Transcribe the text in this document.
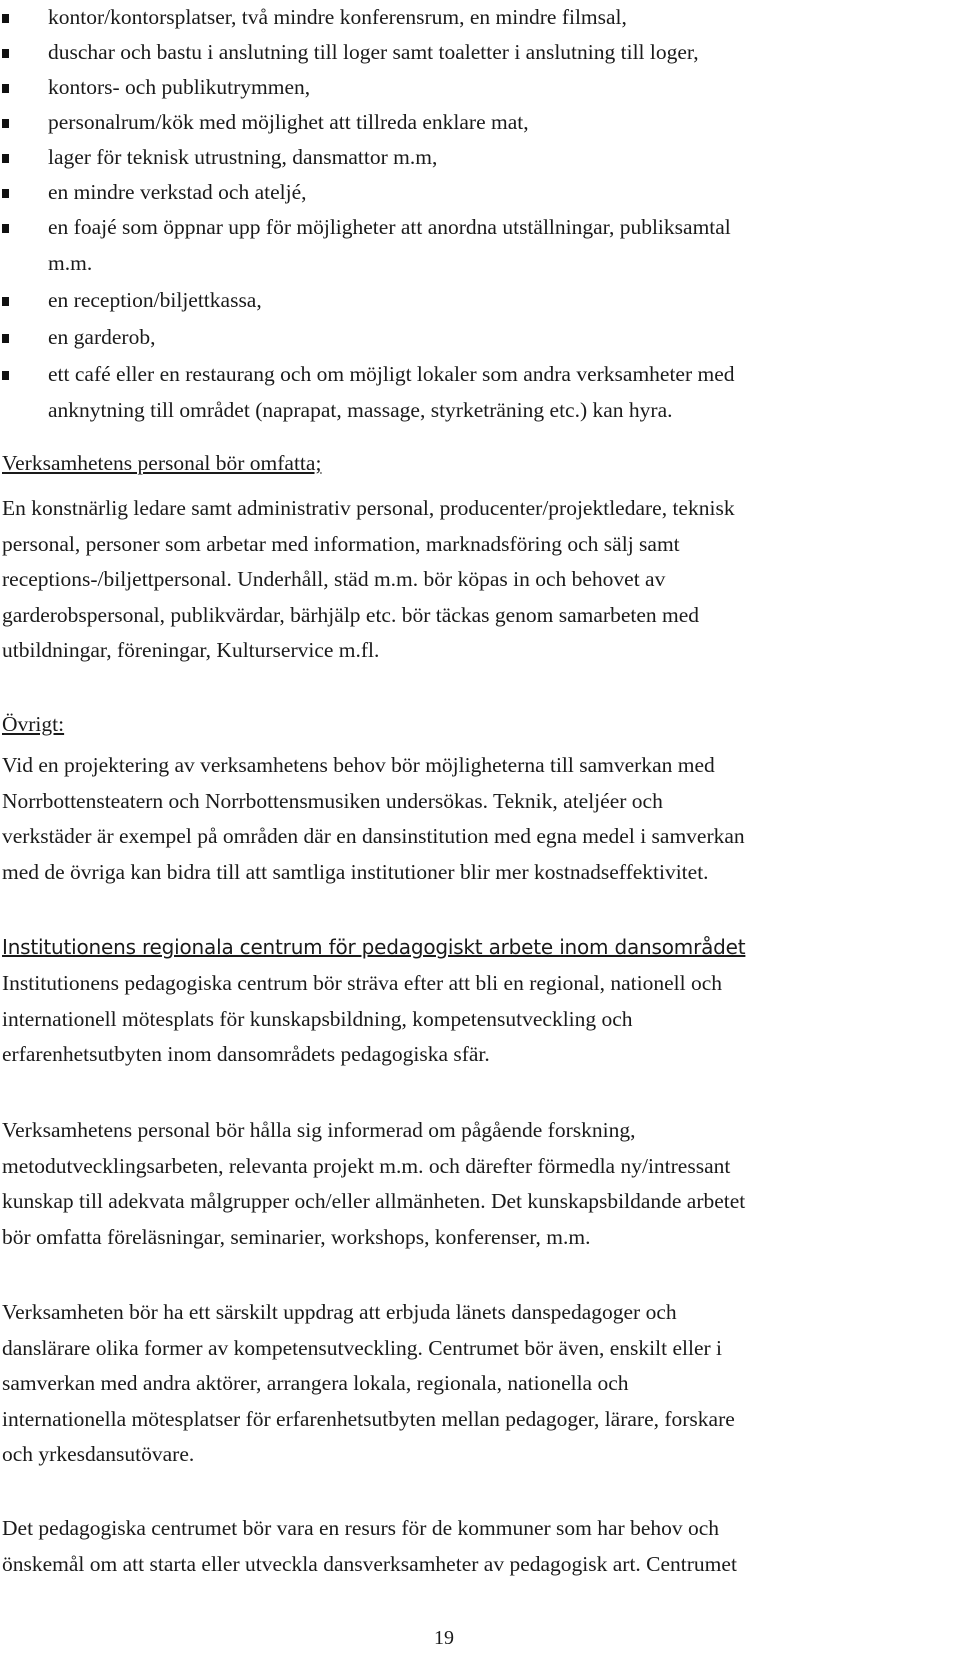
kontor/kontorsplatser, två mindre konferensrum, en mindre filmsal,
duschar och bastu i anslutning till loger samt toaletter i anslutning till loger,
kontors- och publikutrymmen,
personalrum/kök med möjlighet att tillreda enklare mat,
lager för teknisk utrustning, dansmattor m.m,
en mindre verkstad och ateljé,
en foajé som öppnar upp för möjligheter att anordna utställningar, publiksamtal
m.m.
en reception/biljettkassa,
en garderob,
ett café eller en restaurang och om möjligt lokaler som andra verksamheter med
anknytning till området (naprapat, massage, styrketräning etc.) kan hyra.
Verksamhetens personal bör omfatta;
En konstnärlig ledare samt administrativ personal, producenter/projektledare, teknisk
personal, personer som arbetar med information, marknadsföring och sälj samt
receptions-/biljettpersonal. Underhåll, städ m.m. bör köpas in och behovet av
garderobspersonal, publikvärdar, bärhjälp etc. bör täckas genom samarbeten med
utbildningar, föreningar, Kulturservice m.fl.
Övrigt:
Vid en projektering av verksamhetens behov bör möjligheterna till samverkan med
Norrbottensteatern och Norrbottensmusiken undersökas. Teknik, ateljéer och
verkstäder är exempel på områden där en dansinstitution med egna medel i samverkan
med de övriga kan bidra till att samtliga institutioner blir mer kostnadseffektivitet.
Institutionens regionala centrum för pedagogiskt arbete inom dansområdet
Institutionens pedagogiska centrum bör sträva efter att bli en regional, nationell och
internationell mötesplats för kunskapsbildning, kompetensutveckling och
erfarenhetsutbyten inom dansområdets pedagogiska sfär.
Verksamhetens personal bör hålla sig informerad om pågående forskning,
metodutvecklingsarbeten, relevanta projekt m.m. och därefter förmedla ny/intressant
kunskap till adekvata målgrupper och/eller allmänheten. Det kunskapsbildande arbetet
bör omfatta föreläsningar, seminarier, workshops, konferenser, m.m.
Verksamheten bör ha ett särskilt uppdrag att erbjuda länets danspedagoger och
danslärare olika former av kompetensutveckling. Centrumet bör även, enskilt eller i
samverkan med andra aktörer, arrangera lokala, regionala, nationella och
internationella mötesplatser för erfarenhetsutbyten mellan pedagoger, lärare, forskare
och yrkesdansutövare.
Det pedagogiska centrumet bör vara en resurs för de kommuner som har behov och
önskemål om att starta eller utveckla dansverksamheter av pedagogisk art. Centrumet
19
